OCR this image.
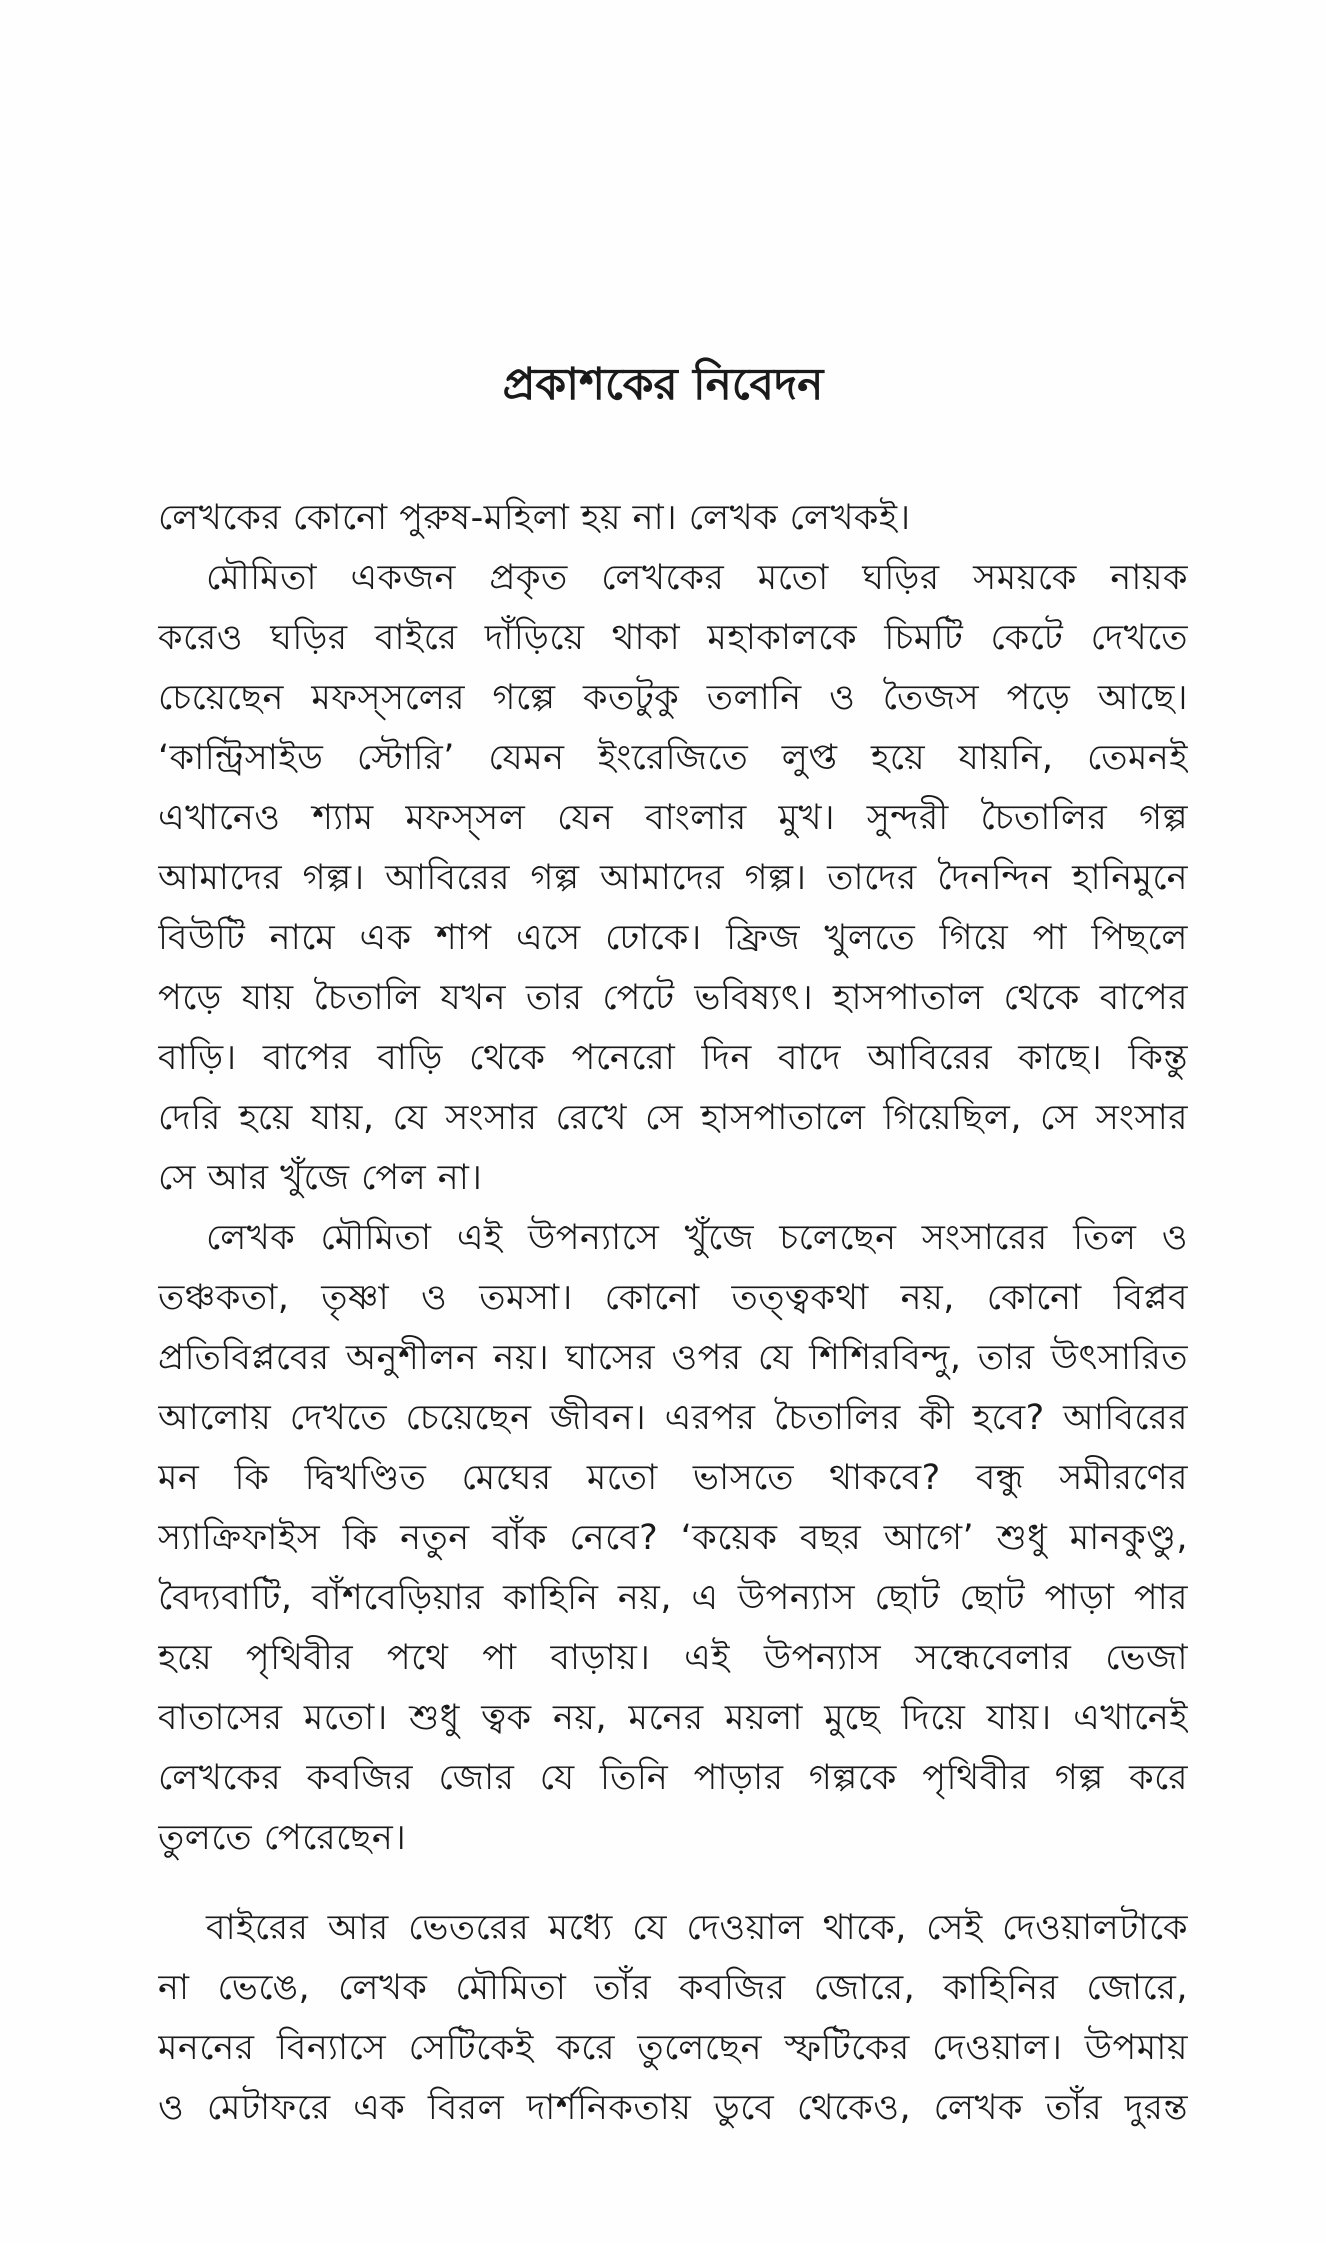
প্রকাশকের নিবেদন

লেখকের কোনো পুরুষ-মহিলা হয় না। লেখক লেখকই।

মৌমিতা একজন প্রকৃত লেখকের মতো ঘড়ির সময়কে নায়ক
করেও ঘড়ির বাইরে দাঁড়িয়ে থাকা মহাকালকে চিমটি কেটে দেখতে
চেয়েছেন মফস্‌সলের গল্পে কতটুকু তলানি ও তৈজস পড়ে আছে।
‘কান্ট্রিসাইড স্টোরি’ যেমন ইংরেজিতে লুপ্ত হয়ে যায়নি, তেমনই
এখানেও শ্যাম মফস্‌সল যেন বাংলার মুখ। সুন্দরী চৈতালির গল্প
আমাদের গল্প। আবিরের গল্প আমাদের গল্প। তাদের দৈনন্দিন হানিমুনে
বিউটি নামে এক শাপ এসে ঢোকে। ফ্রিজ খুলতে গিয়ে পা পিছলে
পড়ে যায় চৈতালি যখন তার পেটে ভবিষ্যৎ। হাসপাতাল থেকে বাপের
বাড়ি। বাপের বাড়ি থেকে পনেরো দিন বাদে আবিরের কাছে। কিন্তু
দেরি হয়ে যায়, যে সংসার রেখে সে হাসপাতালে গিয়েছিল, সে সংসার
সে আর খুঁজে পেল না।

লেখক মৌমিতা এই উপন্যাসে খুঁজে চলেছেন সংসারের তিল ও
তঞ্চকতা, তৃষ্ণা ও তমসা। কোনো তত্ত্বকথা নয়, কোনো বিপ্লব
প্রতিবিপ্লবের অনুশীলন নয়। ঘাসের ওপর যে শিশিরবিন্দু, তার উৎসারিত
আলোয় দেখতে চেয়েছেন জীবন। এরপর চৈতালির কী হবে? আবিরের
মন কি দ্বিখণ্ডিত মেঘের মতো ভাসতে থাকবে? বন্ধু সমীরণের
স্যাক্রিফাইস কি নতুন বাঁক নেবে? ‘কয়েক বছর আগে’ শুধু মানকুণ্ডু,
বৈদ্যবাটি, বাঁশবেড়িয়ার কাহিনি নয়, এ উপন্যাস ছোট ছোট পাড়া পার
হয়ে পৃথিবীর পথে পা বাড়ায়। এই উপন্যাস সন্ধেবেলার ভেজা
বাতাসের মতো। শুধু ত্বক নয়, মনের ময়লা মুছে দিয়ে যায়। এখানেই
লেখকের কবজির জোর যে তিনি পাড়ার গল্পকে পৃথিবীর গল্প করে
তুলতে পেরেছেন।

বাইরের আর ভেতরের মধ্যে যে দেওয়াল থাকে, সেই দেওয়ালটাকে
না ভেঙে, লেখক মৌমিতা তাঁর কবজির জোরে, কাহিনির জোরে,
মননের বিন্যাসে সেটিকেই করে তুলেছেন স্ফটিকের দেওয়াল। উপমায়
ও মেটাফরে এক বিরল দার্শনিকতায় ডুবে থেকেও, লেখক তাঁর দুরন্ত
